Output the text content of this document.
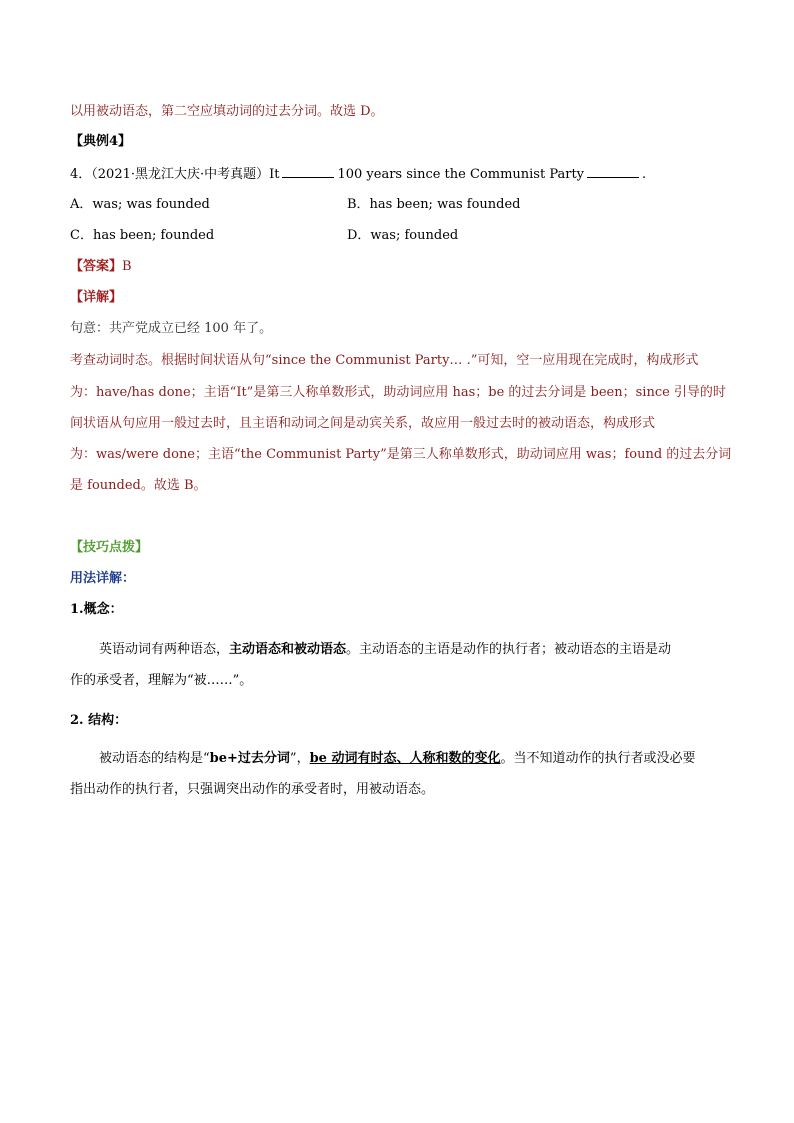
以用被动语态，第二空应填动词的过去分词。故选 D。
【典例4】
4．（2021·黑龙江大庆·中考真题）It	100 years since the Communist Party	.
A．was; was founded	B．has been; was founded
C．has been; founded	D．was; founded
【答案】B
【详解】
句意：共产党成立已经 100 年了。
考查动词时态。根据时间状语从句“since the Communist Party… .”可知，空一应用现在完成时，构成形式
为：have/has done；主语“It”是第三人称单数形式，助动词应用 has；be 的过去分词是 been；since 引导的时
间状语从句应用一般过去时，且主语和动词之间是动宾关系，故应用一般过去时的被动语态，构成形式
为：was/were done；主语“the Communist Party”是第三人称单数形式，助动词应用 was；found 的过去分词
是 founded。故选 B。
【技巧点拨】
用法详解：
1.概念：
英语动词有两种语态，主动语态和被动语态。主动语态的主语是动作的执行者；被动语态的主语是动
作的承受者，理解为“被……”。
2. 结构：
被动语态的结构是“be+过去分词”，be 动词有时态、人称和数的变化。当不知道动作的执行者或没必要
指出动作的执行者，只强调突出动作的承受者时，用被动语态。
